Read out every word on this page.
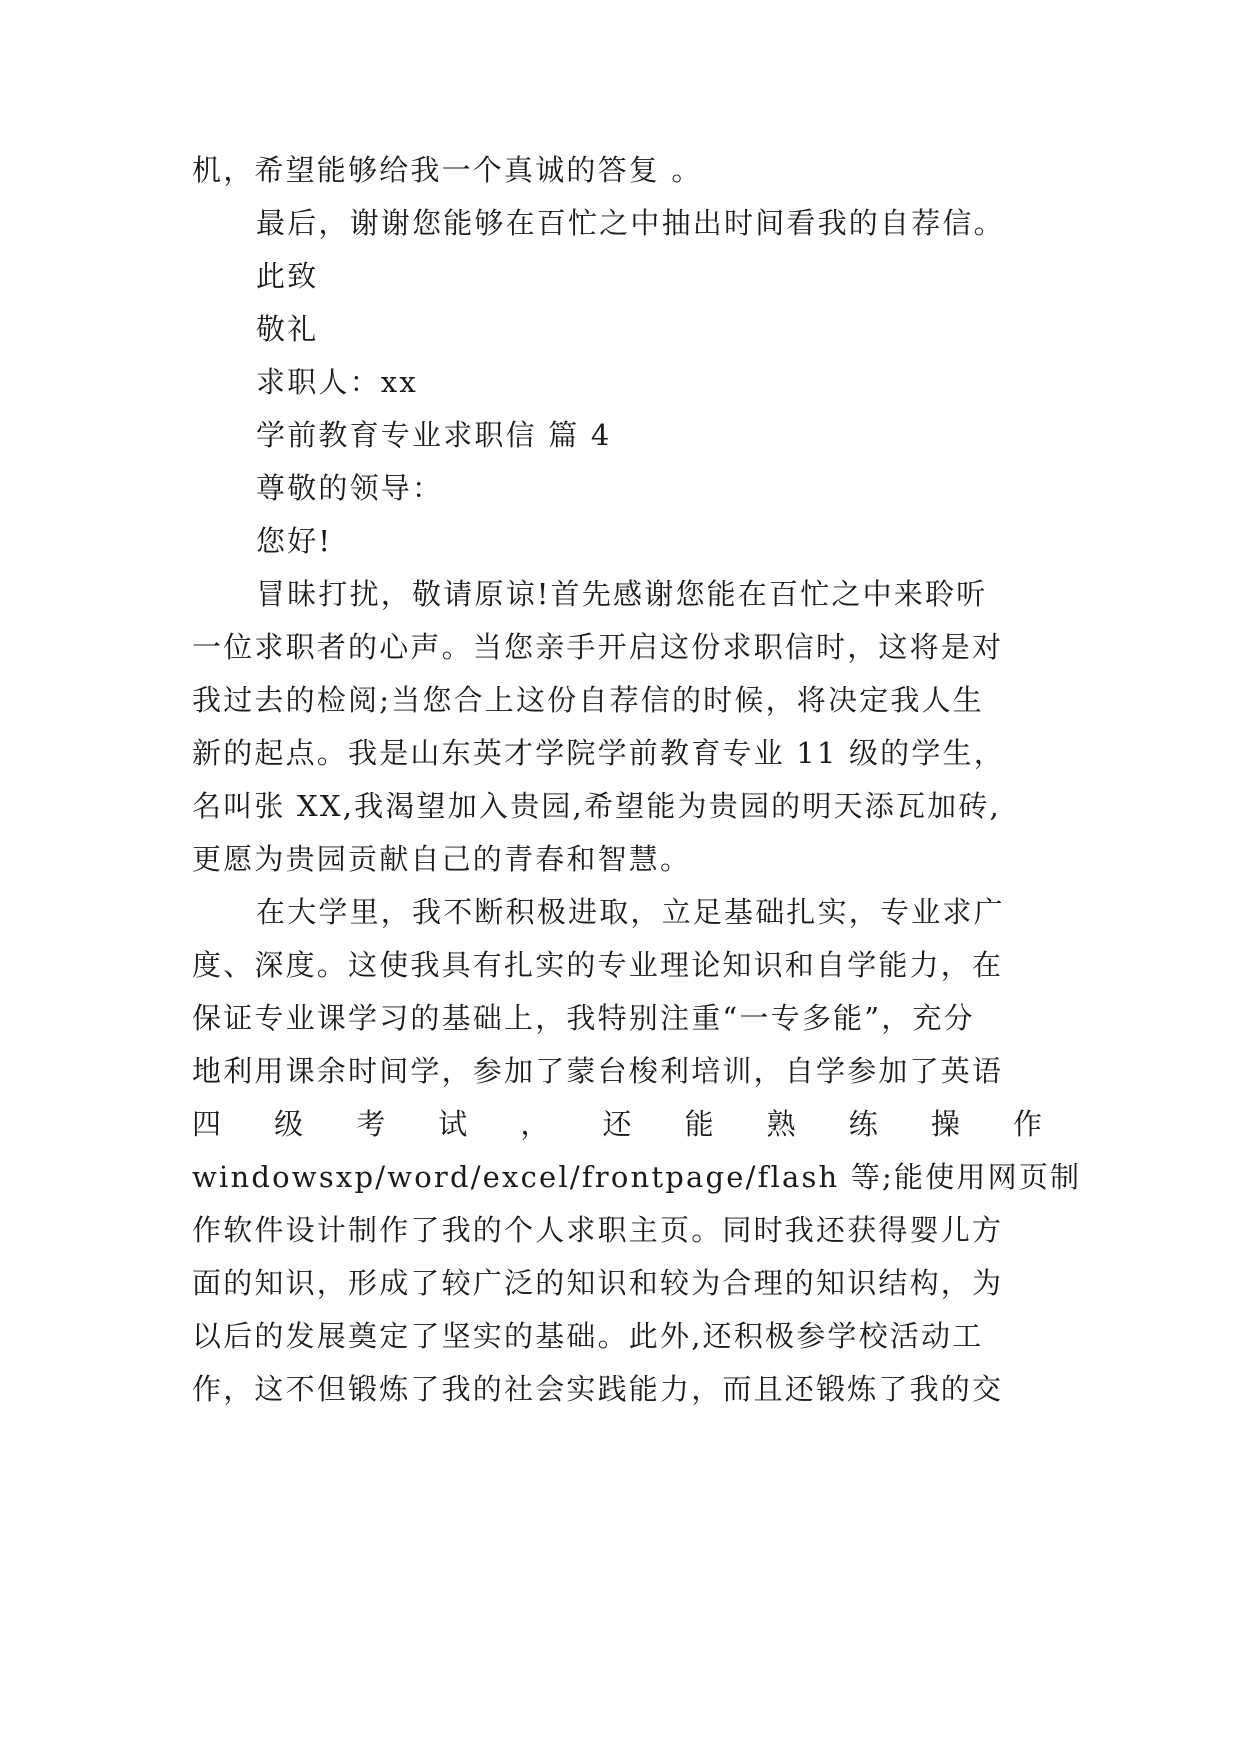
机，希望能够给我一个真诚的答复 。
最后，谢谢您能够在百忙之中抽出时间看我的自荐信。
此致
敬礼
求职人：xx
学前教育专业求职信 篇 4
尊敬的领导：
您好!
冒昧打扰，敬请原谅!首先感谢您能在百忙之中来聆听
一位求职者的心声。当您亲手开启这份求职信时，这将是对
我过去的检阅;当您合上这份自荐信的时候，将决定我人生
新的起点。我是山东英才学院学前教育专业 11 级的学生，
名叫张 XX,我渴望加入贵园,希望能为贵园的明天添瓦加砖,
更愿为贵园贡献自己的青春和智慧。
在大学里，我不断积极进取，立足基础扎实，专业求广
度、深度。这使我具有扎实的专业理论知识和自学能力，在
保证专业课学习的基础上，我特别注重“一专多能”，充分
地利用课余时间学，参加了蒙台梭利培训，自学参加了英语
四 级 考 试 ， 还 能 熟 练 操 作
windowsxp/word/excel/frontpage/flash 等;能使用网页制
作软件设计制作了我的个人求职主页。同时我还获得婴儿方
面的知识，形成了较广泛的知识和较为合理的知识结构，为
以后的发展奠定了坚实的基础。此外,还积极参学校活动工
作，这不但锻炼了我的社会实践能力，而且还锻炼了我的交
